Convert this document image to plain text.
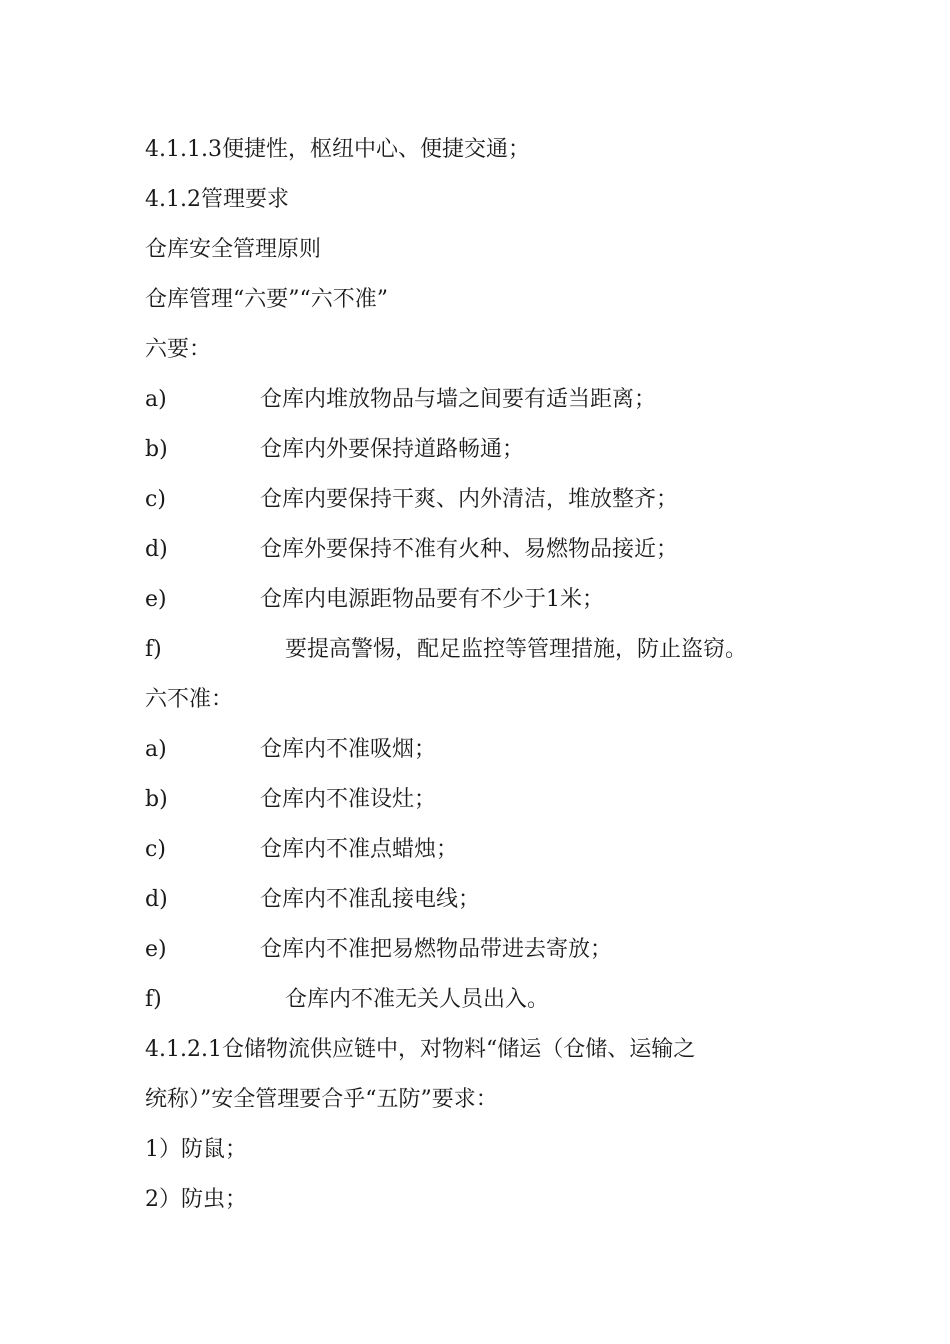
4.1.1.3便捷性，枢纽中心、便捷交通；
4.1.2管理要求
仓库安全管理原则
仓库管理“六要”“六不准”
六要：
a)	仓库内堆放物品与墙之间要有适当距离；
b)	仓库内外要保持道路畅通；
c)	仓库内要保持干爽、内外清洁，堆放整齐；
d)	仓库外要保持不准有火种、易燃物品接近；
e)	仓库内电源距物品要有不少于1米；
f)	要提高警惕，配足监控等管理措施，防止盗窃。
六不准：
a)	仓库内不准吸烟；
b)	仓库内不准设灶；
c)	仓库内不准点蜡烛；
d)	仓库内不准乱接电线；
e)	仓库内不准把易燃物品带进去寄放；
f)	仓库内不准无关人员出入。
4.1.2.1仓储物流供应链中，对物料“储运（仓储、运输之
统称）”安全管理要合乎“五防”要求：
1）防鼠；
2）防虫；
